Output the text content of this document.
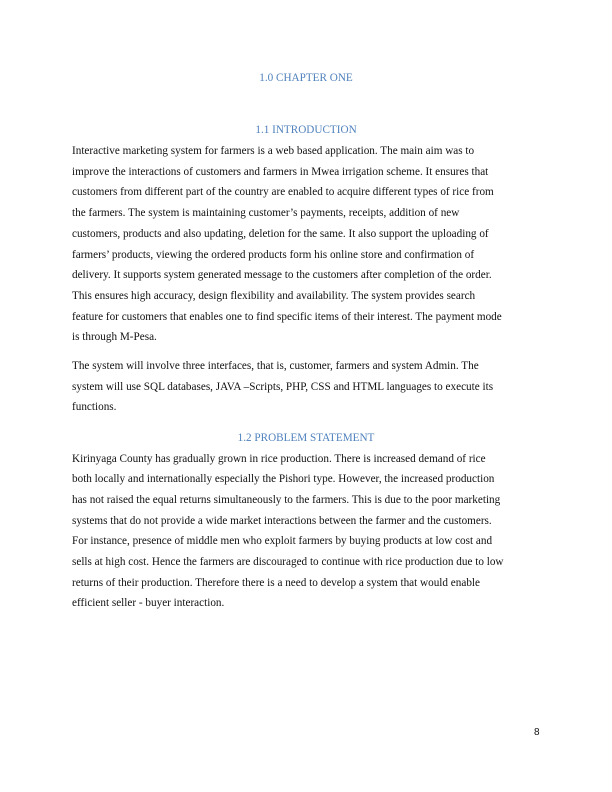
1.0 CHAPTER ONE
1.1 INTRODUCTION
Interactive marketing system for farmers is a web based application. The main aim was to
improve the interactions of customers and farmers in Mwea irrigation scheme. It ensures that
customers from different part of the country are enabled to acquire different types of rice from
the farmers. The system is maintaining customer’s payments, receipts, addition of new
customers, products and also updating, deletion for the same. It also support the uploading of
farmers’ products, viewing the ordered products form his online store and confirmation of
delivery. It supports system generated message to the customers after completion of the order.
This ensures high accuracy, design flexibility and availability. The system provides search
feature for customers that enables one to find specific items of their interest. The payment mode
is through M-Pesa.
The system will involve three interfaces, that is, customer, farmers and system Admin. The
system will use SQL databases, JAVA –Scripts, PHP, CSS and HTML languages to execute its
functions.
1.2 PROBLEM STATEMENT
Kirinyaga County has gradually grown in rice production. There is increased demand of rice
both locally and internationally especially the Pishori type. However, the increased production
has not raised the equal returns simultaneously to the farmers. This is due to the poor marketing
systems that do not provide a wide market interactions between the farmer and the customers.
For instance, presence of middle men who exploit farmers by buying products at low cost and
sells at high cost. Hence the farmers are discouraged to continue with rice production due to low
returns of their production. Therefore there is a need to develop a system that would enable
efficient seller - buyer interaction.
8
